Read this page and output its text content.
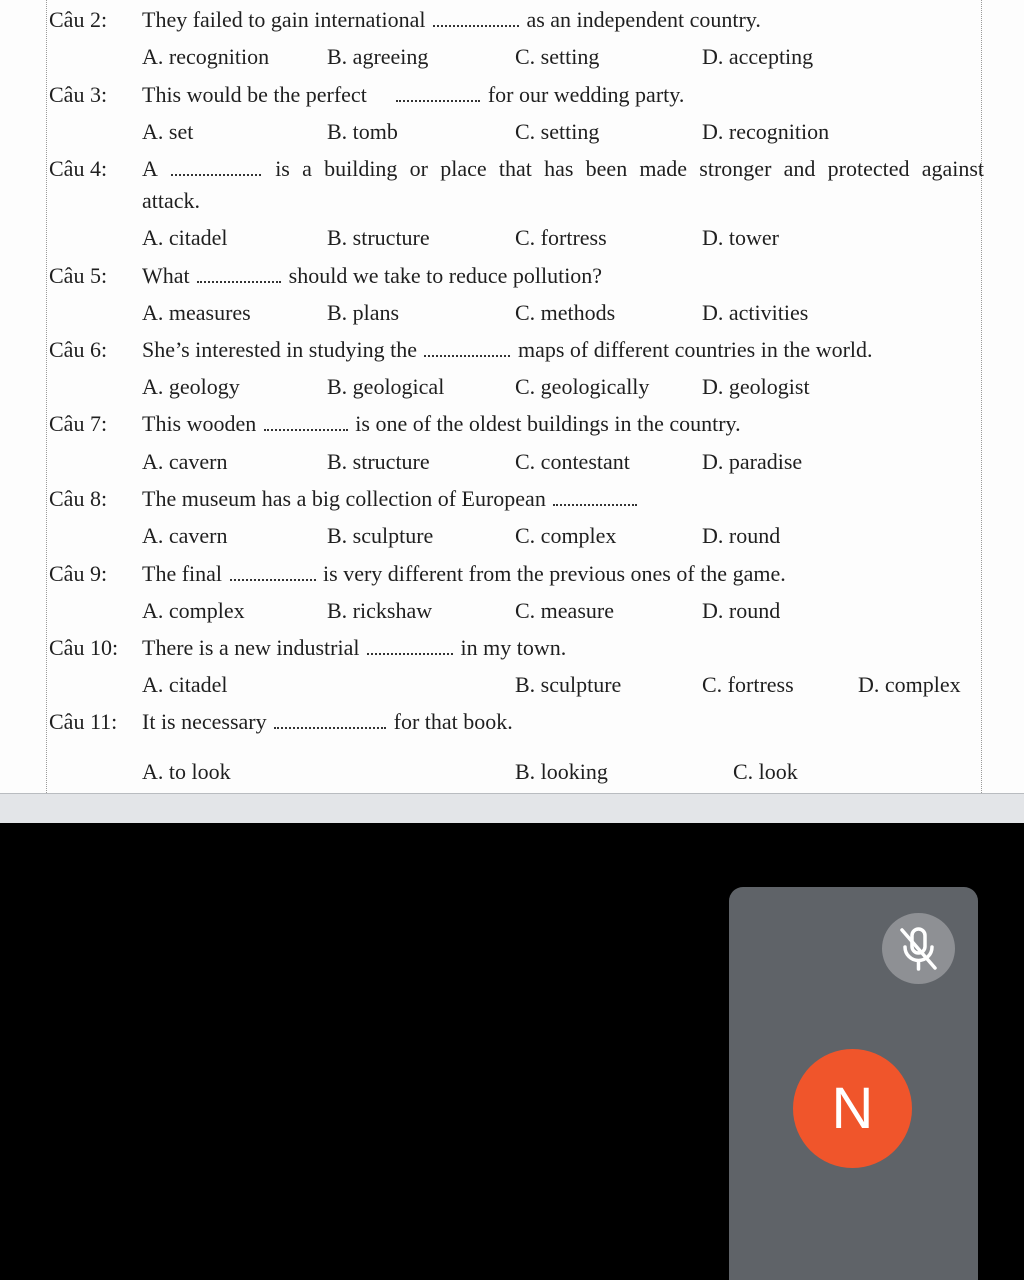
Câu 2: They failed to gain international	as an independent country.
A. recognition	B. agreeing	C. setting	D. accepting
Câu 3: This would be the perfect	for our wedding party.
A. set	B. tomb	C. setting	D. recognition
Câu 4: A	is a building or place that has been made stronger and protected against
attack.
A. citadel	B. structure	C. fortress	D. tower
Câu 5: What	should we take to reduce pollution?
A. measures	B. plans	C. methods	D. activities
Câu 6: She’s interested in studying the	maps of different countries in the world.
A. geology	B. geological	C. geologically D. geologist
Câu 7: This wooden	is one of the oldest buildings in the country.
A. cavern	B. structure	C. contestant	D. paradise
Câu 8: The museum has a big collection of European
A. cavern	B. sculpture	C. complex	D. round
Câu 9: The final	is very different from the previous ones of the game.
A. complex	B. rickshaw	C. measure	D. round
Câu 10: There is a new industrial	in my town.
A. citadel	B. sculpture	C. fortress	D. complex
Câu 11: It is necessary	for that book.
A. to look	B. looking	C. look
N
